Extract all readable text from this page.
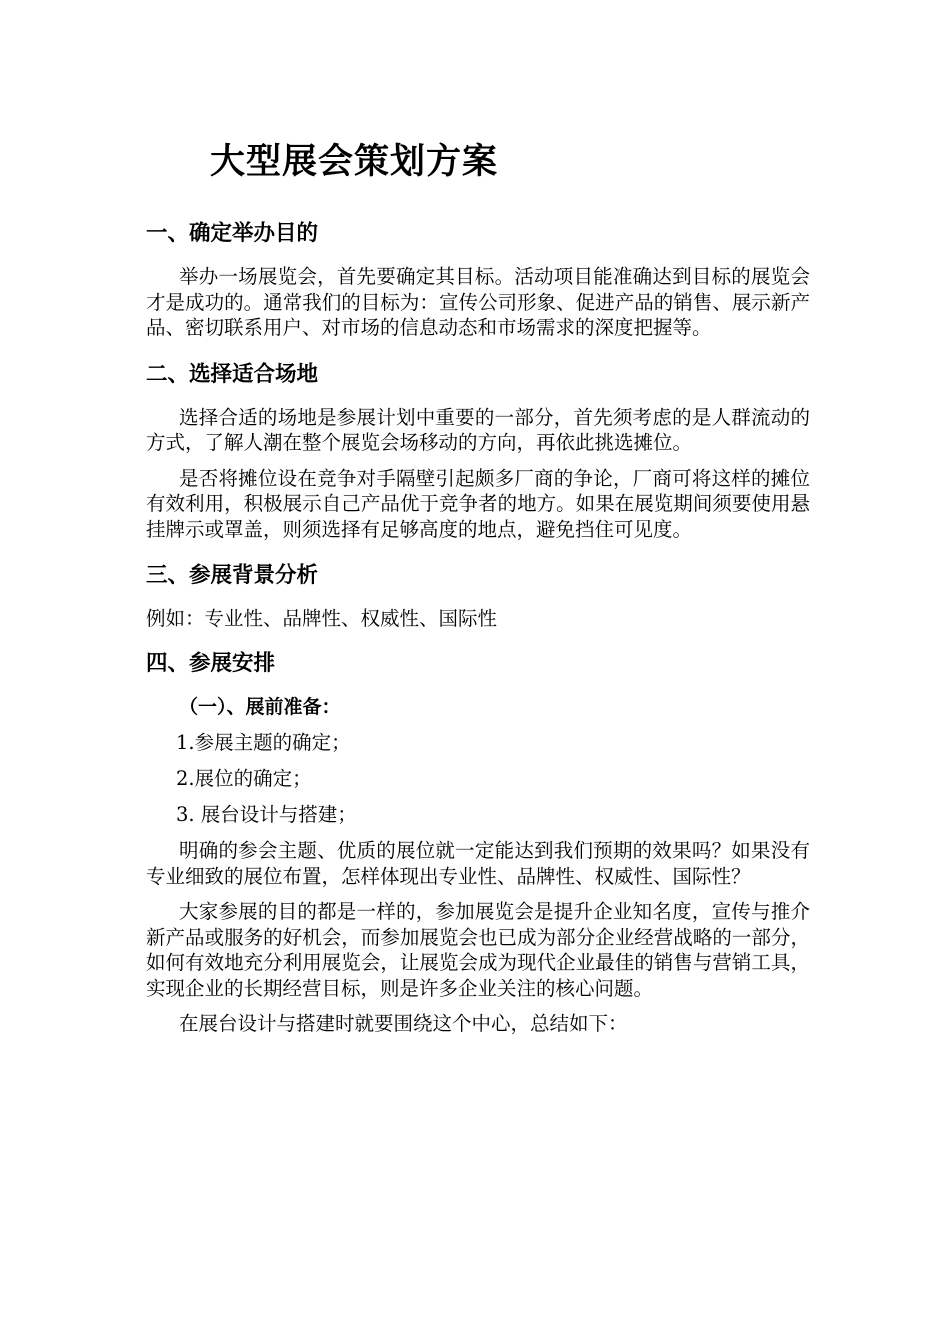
大型展会策划方案
一、确定举办目的

举办一场展览会，首先要确定其目标。活动项目能准确达到目标的展览会才是成功的。通常我们的目标为：宣传公司形象、促进产品的销售、展示新产品、密切联系用户、对市场的信息动态和市场需求的深度把握等。

二、选择适合场地

选择合适的场地是参展计划中重要的一部分，首先须考虑的是人群流动的方式，了解人潮在整个展览会场移动的方向，再依此挑选摊位。

是否将摊位设在竞争对手隔壁引起颇多厂商的争论，厂商可将这样的摊位有效利用，积极展示自己产品优于竞争者的地方。如果在展览期间须要使用悬挂牌示或罩盖，则须选择有足够高度的地点，避免挡住可见度。

三、参展背景分析

例如：专业性、品牌性、权威性、国际性

四、参展安排
（一）、展前准备：
1.参展主题的确定；
2.展位的确定；
3. 展台设计与搭建；

明确的参会主题、优质的展位就一定能达到我们预期的效果吗？如果没有专业细致的展位布置，怎样体现出专业性、品牌性、权威性、国际性？

大家参展的目的都是一样的，参加展览会是提升企业知名度，宣传与推介新产品或服务的好机会，而参加展览会也已成为部分企业经营战略的一部分，如何有效地充分利用展览会，让展览会成为现代企业最佳的销售与营销工具，实现企业的长期经营目标，则是许多企业关注的核心问题。

在展台设计与搭建时就要围绕这个中心，总结如下：
